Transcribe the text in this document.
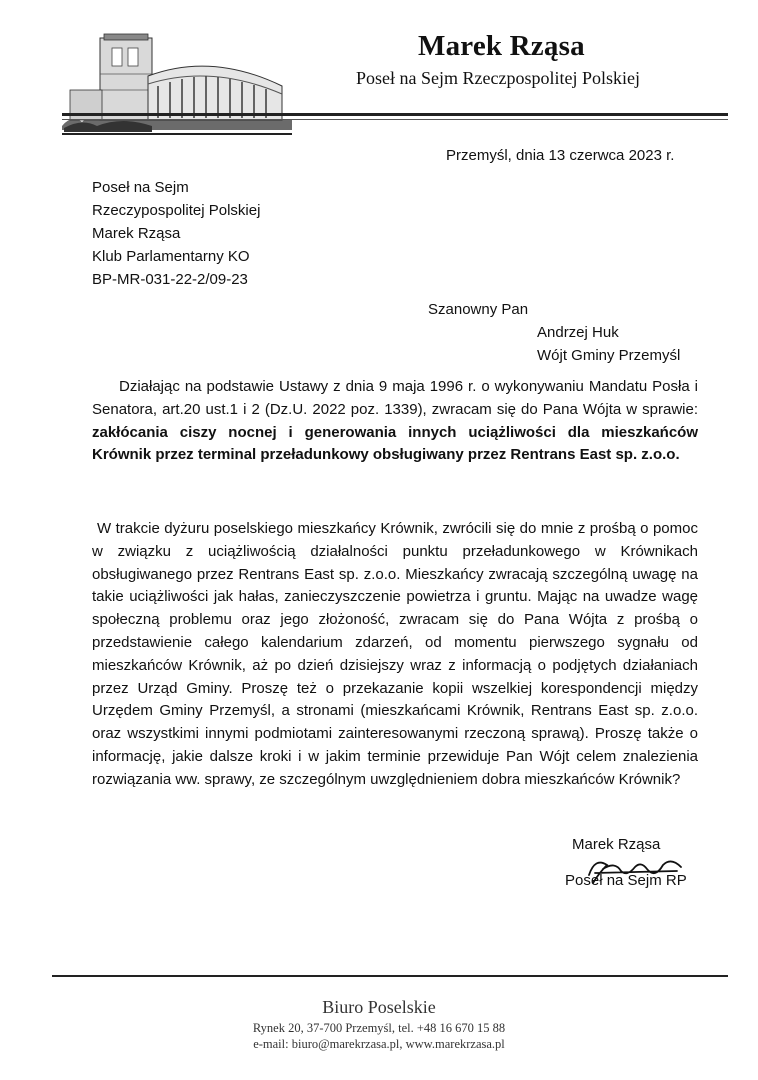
Marek Rząsa
Poseł na Sejm Rzeczpospolitej Polskiej
Przemyśl, dnia 13 czerwca 2023 r.
Poseł na Sejm
Rzeczypospolitej Polskiej
Marek Rząsa
Klub Parlamentarny KO
BP-MR-031-22-2/09-23
Szanowny Pan
Andrzej Huk
Wójt Gminy Przemyśl
Działając na podstawie Ustawy z dnia 9 maja 1996 r. o wykonywaniu Mandatu Posła i Senatora, art.20 ust.1 i 2 (Dz.U. 2022 poz. 1339), zwracam się do Pana Wójta w sprawie: zakłócania ciszy nocnej i generowania innych uciążliwości dla mieszkańców Krównik przez terminal przeładunkowy obsługiwany przez Rentrans East sp. z.o.o.
W trakcie dyżuru poselskiego mieszkańcy Krównik, zwrócili się do mnie z prośbą o pomoc w związku z uciążliwością działalności punktu przeładunkowego w Krównikach obsługiwanego przez Rentrans East sp. z.o.o. Mieszkańcy zwracają szczególną uwagę na takie uciążliwości jak hałas, zanieczyszczenie powietrza i gruntu. Mając na uwadze wagę społeczną problemu oraz jego złożoność, zwracam się do Pana Wójta z prośbą o przedstawienie całego kalendarium zdarzeń, od momentu pierwszego sygnału od mieszkańców Krównik, aż po dzień dzisiejszy wraz z informacją o podjętych działaniach przez Urząd Gminy. Proszę też o przekazanie kopii wszelkiej korespondencji między Urzędem Gminy Przemyśl, a stronami (mieszkańcami Krównik, Rentrans East sp. z.o.o. oraz wszystkimi innymi podmiotami zainteresowanymi rzeczoną sprawą). Proszę także o informację, jakie dalsze kroki i w jakim terminie przewiduje Pan Wójt celem znalezienia rozwiązania ww. sprawy, ze szczególnym uwzględnieniem dobra mieszkańców Krównik?
Marek Rząsa
Poseł na Sejm RP
Biuro Poselskie
Rynek 20, 37-700 Przemyśl, tel. +48 16 670 15 88
e-mail: biuro@marekrzasa.pl, www.marekrzasa.pl
